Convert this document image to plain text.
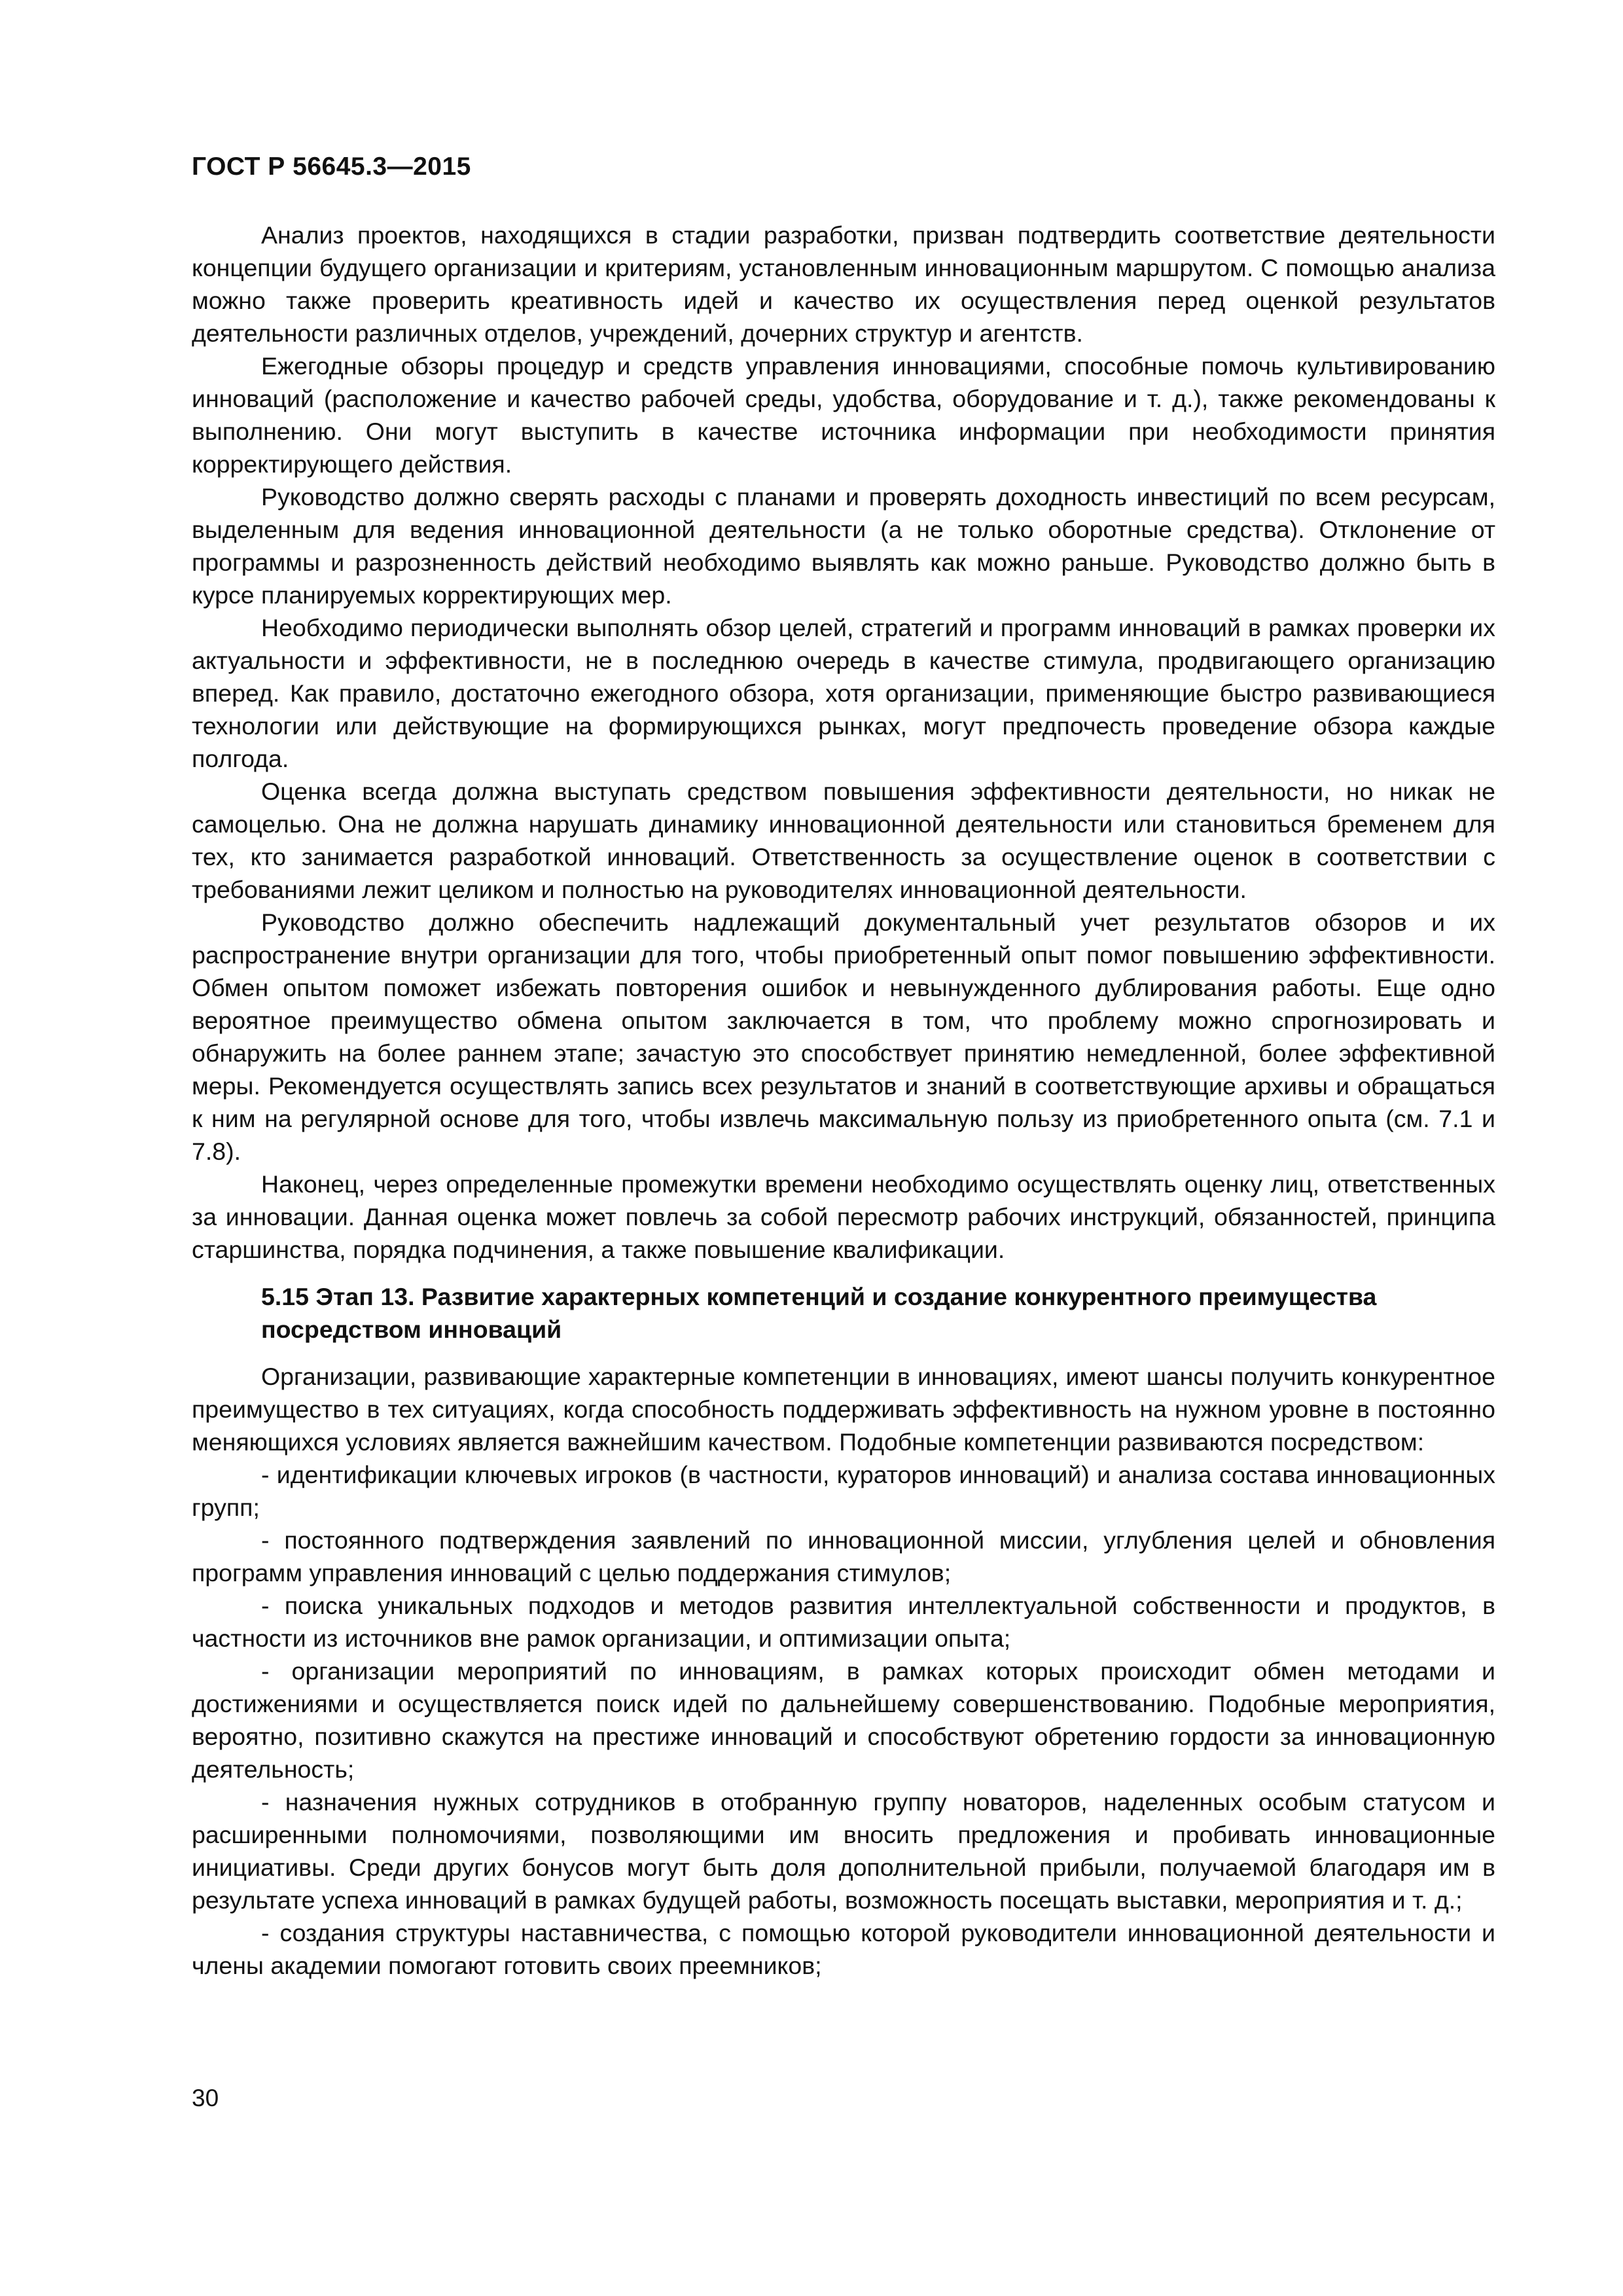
ГОСТ Р 56645.3—2015

Анализ проектов, находящихся в стадии разработки, призван подтвердить соответствие деятельности концепции будущего организации и критериям, установленным инновационным маршрутом. С помощью анализа можно также проверить креативность идей и качество их осуществления перед оценкой результатов деятельности различных отделов, учреждений, дочерних структур и агентств.

Ежегодные обзоры процедур и средств управления инновациями, способные помочь культивированию инноваций (расположение и качество рабочей среды, удобства, оборудование и т. д.), также рекомендованы к выполнению. Они могут выступить в качестве источника информации при необходимости принятия корректирующего действия.

Руководство должно сверять расходы с планами и проверять доходность инвестиций по всем ресурсам, выделенным для ведения инновационной деятельности (а не только оборотные средства). Отклонение от программы и разрозненность действий необходимо выявлять как можно раньше. Руководство должно быть в курсе планируемых корректирующих мер.

Необходимо периодически выполнять обзор целей, стратегий и программ инноваций в рамках проверки их актуальности и эффективности, не в последнюю очередь в качестве стимула, продвигающего организацию вперед. Как правило, достаточно ежегодного обзора, хотя организации, применяющие быстро развивающиеся технологии или действующие на формирующихся рынках, могут предпочесть проведение обзора каждые полгода.

Оценка всегда должна выступать средством повышения эффективности деятельности, но никак не самоцелью. Она не должна нарушать динамику инновационной деятельности или становиться бременем для тех, кто занимается разработкой инноваций. Ответственность за осуществление оценок в соответствии с требованиями лежит целиком и полностью на руководителях инновационной деятельности.

Руководство должно обеспечить надлежащий документальный учет результатов обзоров и их распространение внутри организации для того, чтобы приобретенный опыт помог повышению эффективности. Обмен опытом поможет избежать повторения ошибок и невынужденного дублирования работы. Еще одно вероятное преимущество обмена опытом заключается в том, что проблему можно спрогнозировать и обнаружить на более раннем этапе; зачастую это способствует принятию немедленной, более эффективной меры. Рекомендуется осуществлять запись всех результатов и знаний в соответствующие архивы и обращаться к ним на регулярной основе для того, чтобы извлечь максимальную пользу из приобретенного опыта (см. 7.1 и 7.8).

Наконец, через определенные промежутки времени необходимо осуществлять оценку лиц, ответственных за инновации. Данная оценка может повлечь за собой пересмотр рабочих инструкций, обязанностей, принципа старшинства, порядка подчинения, а также повышение квалификации.

5.15 Этап 13. Развитие характерных компетенций и создание конкурентного преимущества посредством инноваций

Организации, развивающие характерные компетенции в инновациях, имеют шансы получить конкурентное преимущество в тех ситуациях, когда способность поддерживать эффективность на нужном уровне в постоянно меняющихся условиях является важнейшим качеством. Подобные компетенции развиваются посредством:

- идентификации ключевых игроков (в частности, кураторов инноваций) и анализа состава инновационных групп;

- постоянного подтверждения заявлений по инновационной миссии, углубления целей и обновления программ управления инноваций с целью поддержания стимулов;

- поиска уникальных подходов и методов развития интеллектуальной собственности и продуктов, в частности из источников вне рамок организации, и оптимизации опыта;

- организации мероприятий по инновациям, в рамках которых происходит обмен методами и достижениями и осуществляется поиск идей по дальнейшему совершенствованию. Подобные мероприятия, вероятно, позитивно скажутся на престиже инноваций и способствуют обретению гордости за инновационную деятельность;

- назначения нужных сотрудников в отобранную группу новаторов, наделенных особым статусом и расширенными полномочиями, позволяющими им вносить предложения и пробивать инновационные инициативы. Среди других бонусов могут быть доля дополнительной прибыли, получаемой благодаря им в результате успеха инноваций в рамках будущей работы, возможность посещать выставки, мероприятия и т. д.;

- создания структуры наставничества, с помощью которой руководители инновационной деятельности и члены академии помогают готовить своих преемников;

30
